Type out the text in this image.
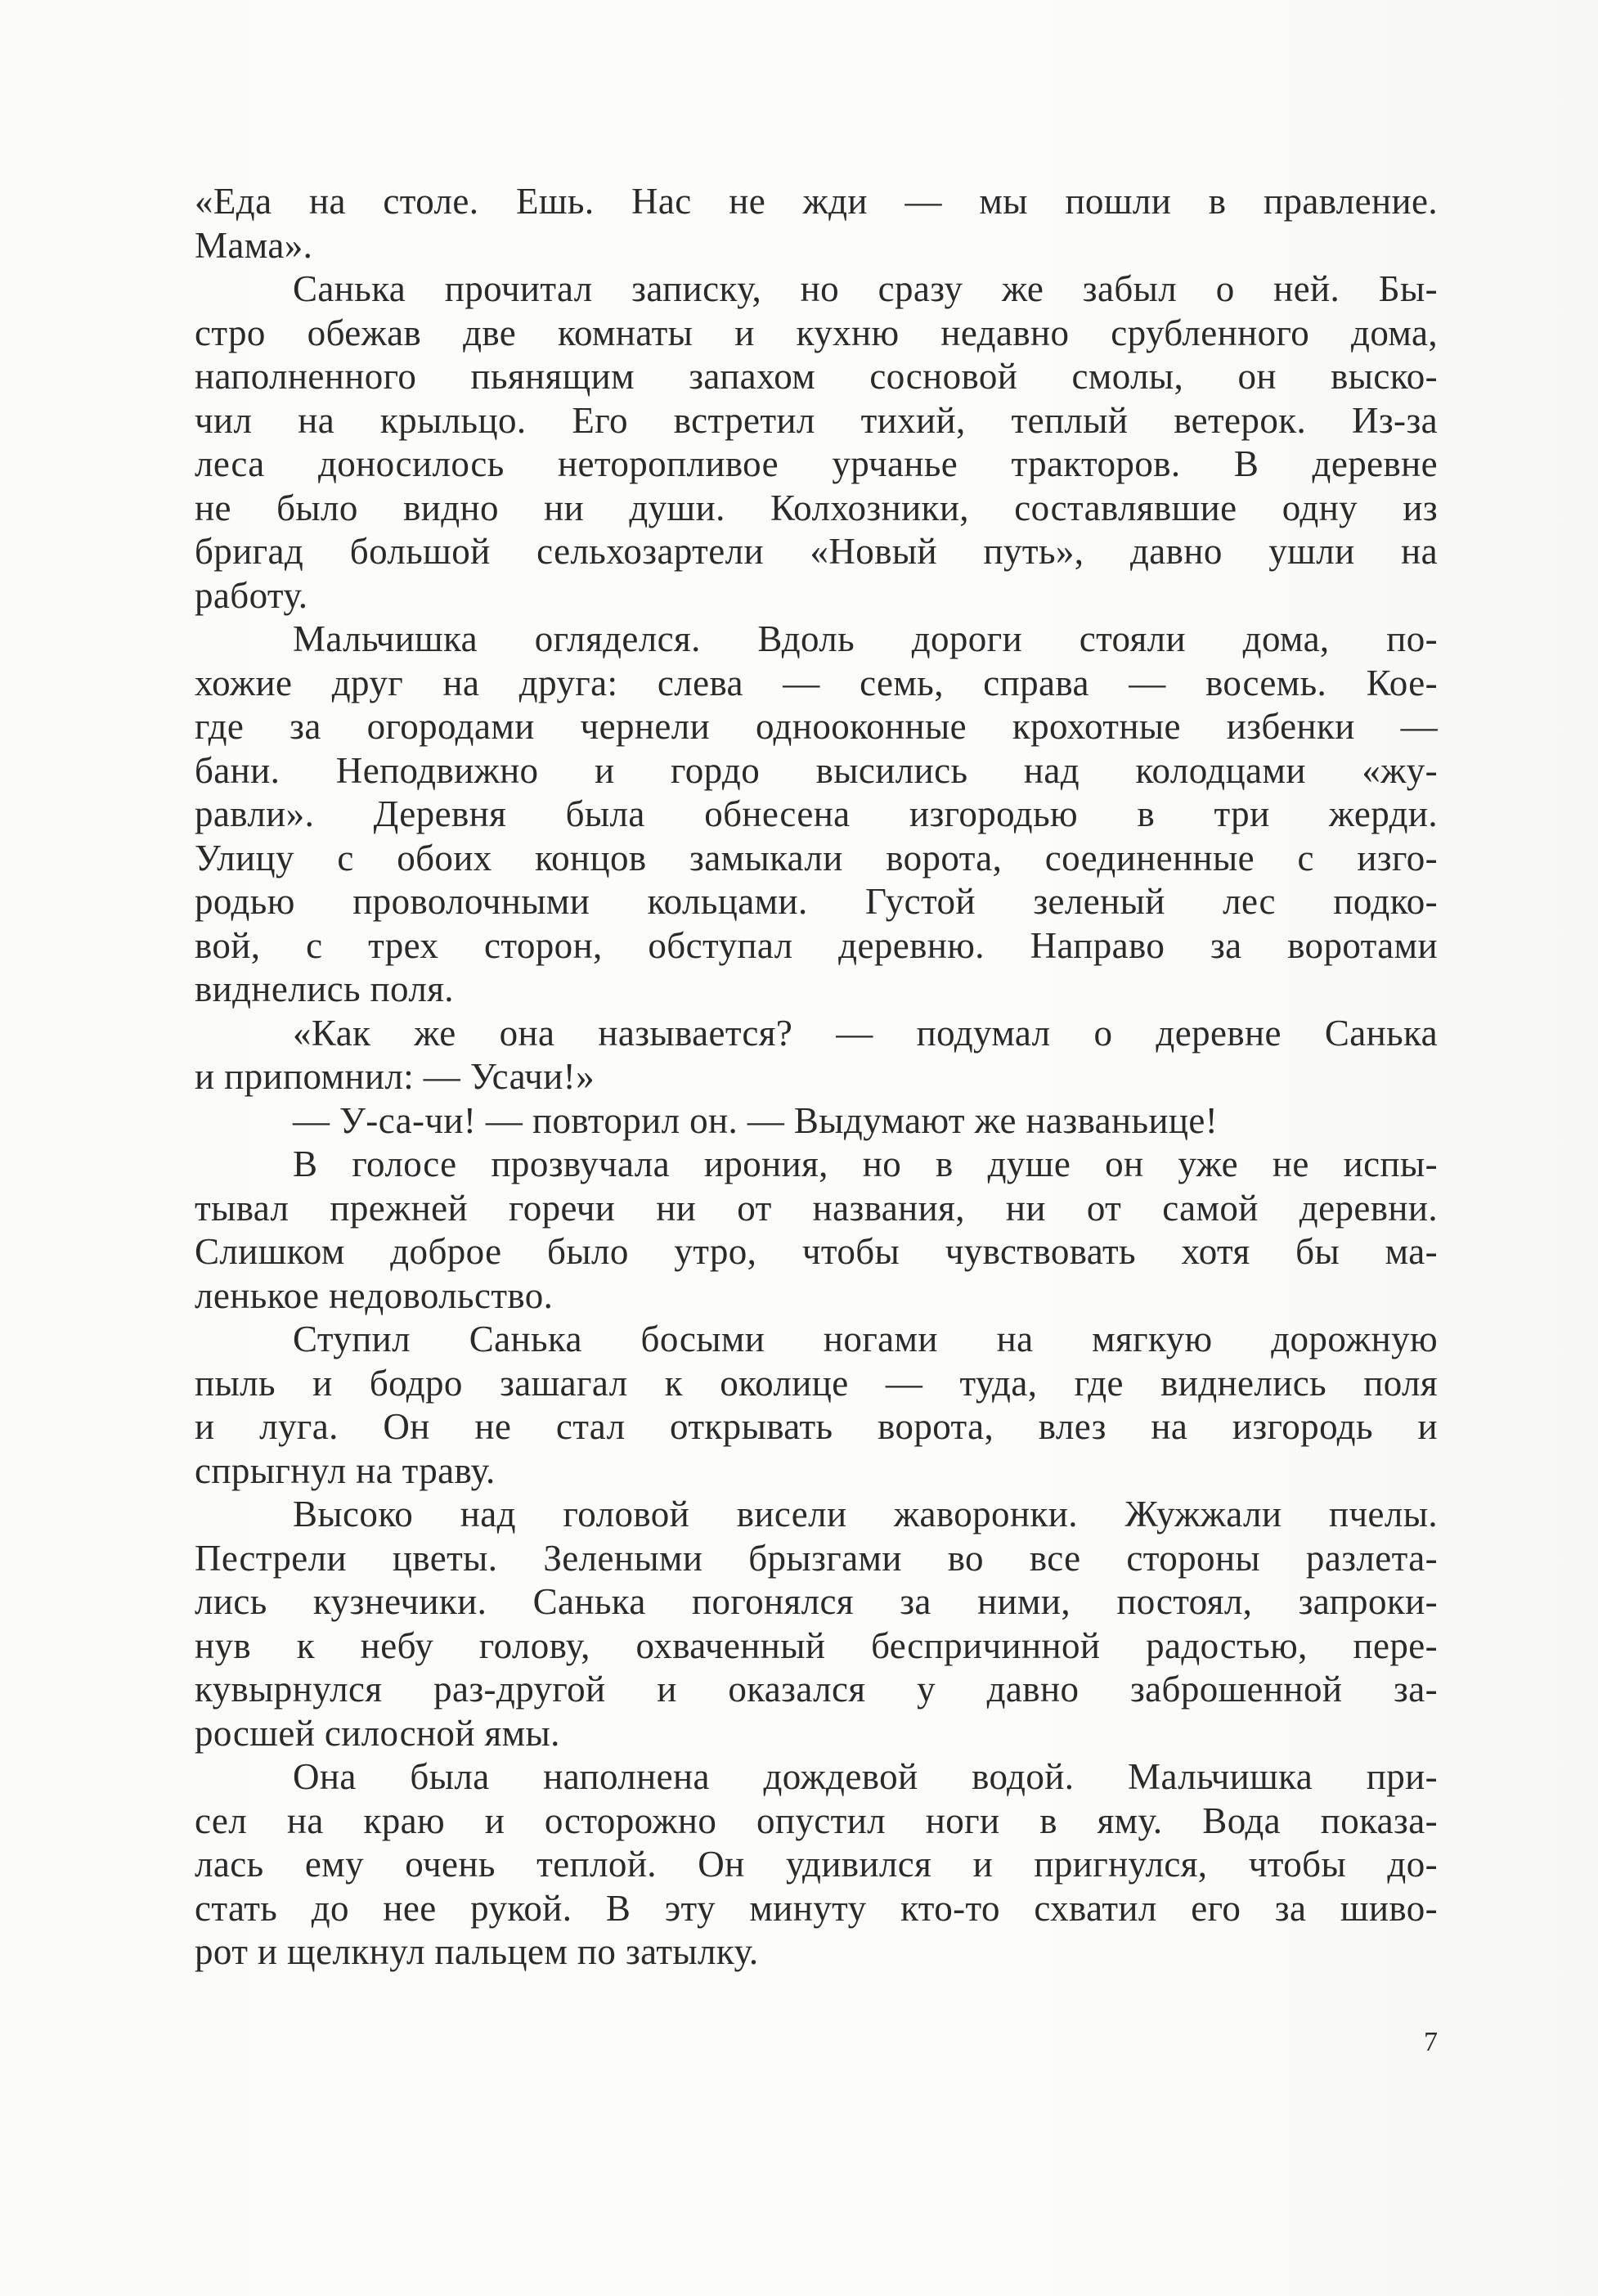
«Еда на столе. Ешь. Нас не жди — мы пошли в правление.
Мама».
Санька прочитал записку, но сразу же забыл о ней. Бы-
стро обежав две комнаты и кухню недавно срубленного дома,
наполненного пьянящим запахом сосновой смолы, он выско-
чил на крыльцо. Его встретил тихий, теплый ветерок. Из-за
леса доносилось неторопливое урчанье тракторов. В деревне
не было видно ни души. Колхозники, составлявшие одну из
бригад большой сельхозартели «Новый путь», давно ушли на
работу.
Мальчишка огляделся. Вдоль дороги стояли дома, по-
хожие друг на друга: слева — семь, справа — восемь. Кое-
где за огородами чернели однооконные крохотные избенки —
бани. Неподвижно и гордо высились над колодцами «жу-
равли». Деревня была обнесена изгородью в три жерди.
Улицу с обоих концов замыкали ворота, соединенные с изго-
родью проволочными кольцами. Густой зеленый лес подко-
вой, с трех сторон, обступал деревню. Направо за воротами
виднелись поля.
«Как же она называется? — подумал о деревне Санька
и припомнил: — Усачи!»
— У-са-чи! — повторил он. — Выдумают же названьице!
В голосе прозвучала ирония, но в душе он уже не испы-
тывал прежней горечи ни от названия, ни от самой деревни.
Слишком доброе было утро, чтобы чувствовать хотя бы ма-
ленькое недовольство.
Ступил Санька босыми ногами на мягкую дорожную
пыль и бодро зашагал к околице — туда, где виднелись поля
и луга. Он не стал открывать ворота, влез на изгородь и
спрыгнул на траву.
Высоко над головой висели жаворонки. Жужжали пчелы.
Пестрели цветы. Зелеными брызгами во все стороны разлета-
лись кузнечики. Санька погонялся за ними, постоял, запроки-
нув к небу голову, охваченный беспричинной радостью, пере-
кувырнулся раз-другой и оказался у давно заброшенной за-
росшей силосной ямы.
Она была наполнена дождевой водой. Мальчишка при-
сел на краю и осторожно опустил ноги в яму. Вода показа-
лась ему очень теплой. Он удивился и пригнулся, чтобы до-
стать до нее рукой. В эту минуту кто-то схватил его за шиво-
рот и щелкнул пальцем по затылку.
7
